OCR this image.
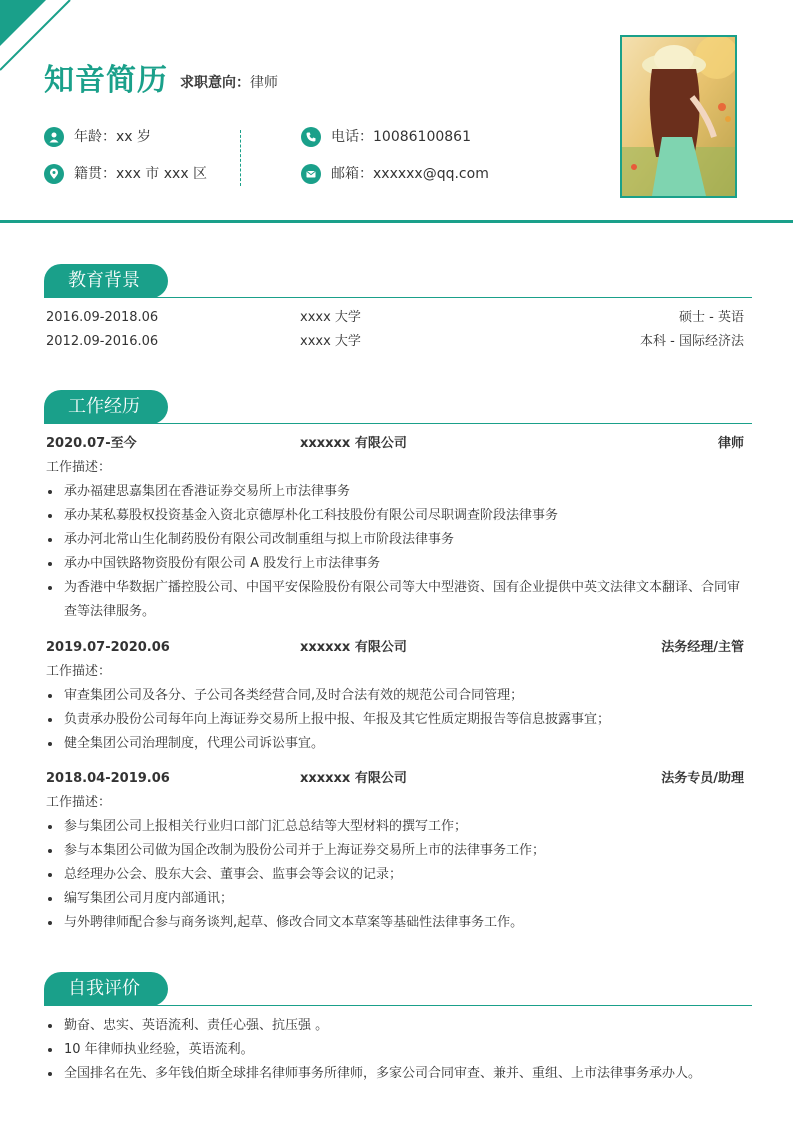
知音简历 求职意向：律师
年龄：xx 岁
籍贯：xxx 市 xxx 区
电话：10086100861
邮箱：xxxxxx@qq.com
教育背景
2016.09-2018.06	xxxx 大学	硕士 - 英语
2012.09-2016.06	xxxx 大学	本科 - 国际经济法
工作经历
2020.07-至今	xxxxxx 有限公司	律师
工作描述：
承办福建思嘉集团在香港证券交易所上市法律事务
承办某私募股权投资基金入资北京德厚朴化工科技股份有限公司尽职调查阶段法律事务
承办河北常山生化制药股份有限公司改制重组与拟上市阶段法律事务
承办中国铁路物资股份有限公司 A 股发行上市法律事务
为香港中华数据广播控股公司、中国平安保险股份有限公司等大中型港资、国有企业提供中英文法律文本翻译、合同审查等法律服务。
2019.07-2020.06	xxxxxx 有限公司	法务经理/主管
工作描述：
审查集团公司及各分、子公司各类经营合同,及时合法有效的规范公司合同管理；
负责承办股份公司每年向上海证券交易所上报中报、年报及其它性质定期报告等信息披露事宜；
健全集团公司治理制度，代理公司诉讼事宜。
2018.04-2019.06	xxxxxx 有限公司	法务专员/助理
工作描述：
参与集团公司上报相关行业归口部门汇总总结等大型材料的撰写工作；
参与本集团公司做为国企改制为股份公司并于上海证券交易所上市的法律事务工作；
总经理办公会、股东大会、董事会、监事会等会议的记录；
编写集团公司月度内部通讯；
与外聘律师配合参与商务谈判,起草、修改合同文本草案等基础性法律事务工作。
自我评价
勤奋、忠实、英语流利、责任心强、抗压强 。
10 年律师执业经验，英语流利。
全国排名在先、多年钱伯斯全球排名律师事务所律师，多家公司合同审查、兼并、重组、上市法律事务承办人。
